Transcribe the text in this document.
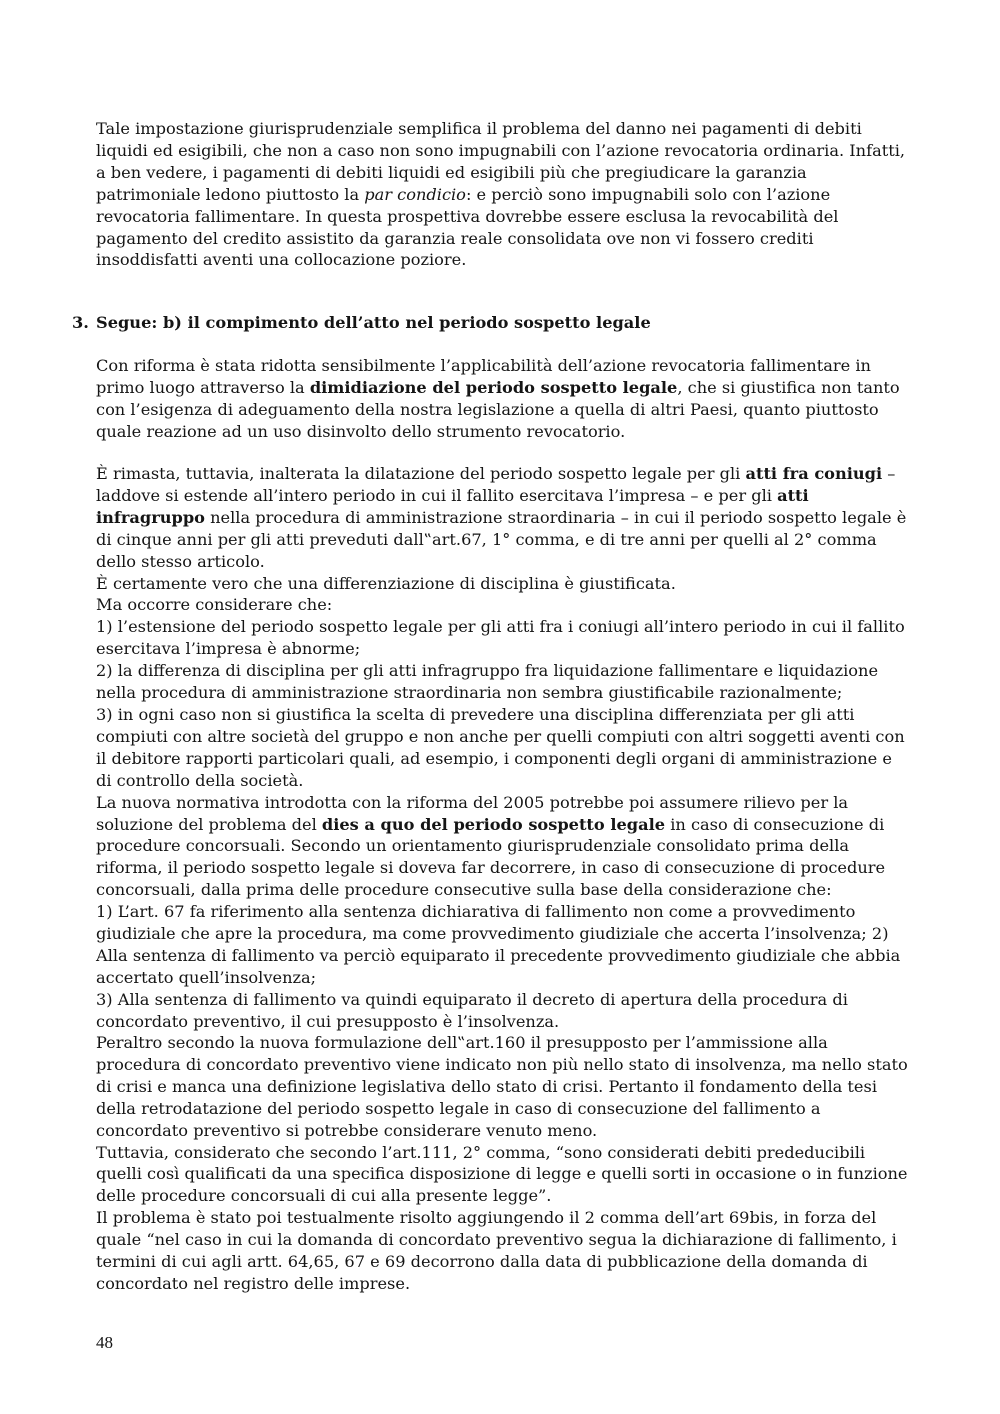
Tale impostazione giurisprudenziale semplifica il problema del danno nei pagamenti di debiti liquidi ed esigibili, che non a caso non sono impugnabili con l’azione revocatoria ordinaria. Infatti, a ben vedere, i pagamenti di debiti liquidi ed esigibili più che pregiudicare la garanzia patrimoniale ledono piuttosto la par condicio: e perciò sono impugnabili solo con l’azione revocatoria fallimentare. In questa prospettiva dovrebbe essere esclusa la revocabilità del pagamento del credito assistito da garanzia reale consolidata ove non vi fossero crediti insoddisfatti aventi una collocazione poziore.

3. Segue: b) il compimento dell’atto nel periodo sospetto legale

Con riforma è stata ridotta sensibilmente l’applicabilità dell’azione revocatoria fallimentare in primo luogo attraverso la dimidiazione del periodo sospetto legale, che si giustifica non tanto con l’esigenza di adeguamento della nostra legislazione a quella di altri Paesi, quanto piuttosto quale reazione ad un uso disinvolto dello strumento revocatorio.

È rimasta, tuttavia, inalterata la dilatazione del periodo sospetto legale per gli atti fra coniugi – laddove si estende all’intero periodo in cui il fallito esercitava l’impresa – e per gli atti infragruppo nella procedura di amministrazione straordinaria – in cui il periodo sospetto legale è di cinque anni per gli atti preveduti dall‟art.67, 1° comma, e di tre anni per quelli al 2° comma dello stesso articolo.

È certamente vero che una differenziazione di disciplina è giustificata.
Ma occorre considerare che:
1) l’estensione del periodo sospetto legale per gli atti fra i coniugi all’intero periodo in cui il fallito esercitava l’impresa è abnorme;
2) la differenza di disciplina per gli atti infragruppo fra liquidazione fallimentare e liquidazione nella procedura di amministrazione straordinaria non sembra giustificabile razionalmente;
3) in ogni caso non si giustifica la scelta di prevedere una disciplina differenziata per gli atti compiuti con altre società del gruppo e non anche per quelli compiuti con altri soggetti aventi con il debitore rapporti particolari quali, ad esempio, i componenti degli organi di amministrazione e di controllo della società.

La nuova normativa introdotta con la riforma del 2005 potrebbe poi assumere rilievo per la soluzione del problema del dies a quo del periodo sospetto legale in caso di consecuzione di procedure concorsuali. Secondo un orientamento giurisprudenziale consolidato prima della riforma, il periodo sospetto legale si doveva far decorrere, in caso di consecuzione di procedure concorsuali, dalla prima delle procedure consecutive sulla base della considerazione che:

1) L’art. 67 fa riferimento alla sentenza dichiarativa di fallimento non come a provvedimento giudiziale che apre la procedura, ma come provvedimento giudiziale che accerta l’insolvenza; 2) Alla sentenza di fallimento va perciò equiparato il precedente provvedimento giudiziale che abbia accertato quell’insolvenza;
3) Alla sentenza di fallimento va quindi equiparato il decreto di apertura della procedura di concordato preventivo, il cui presupposto è l’insolvenza.

Peraltro secondo la nuova formulazione dell‟art.160 il presupposto per l’ammissione alla procedura di concordato preventivo viene indicato non più nello stato di insolvenza, ma nello stato di crisi e manca una definizione legislativa dello stato di crisi. Pertanto il fondamento della tesi della retrodatazione del periodo sospetto legale in caso di consecuzione del fallimento a concordato preventivo si potrebbe considerare venuto meno.

Tuttavia, considerato che secondo l’art.111, 2° comma, “sono considerati debiti prededucibili quelli così qualificati da una specifica disposizione di legge e quelli sorti in occasione o in funzione delle procedure concorsuali di cui alla presente legge”.
Il problema è stato poi testualmente risolto aggiungendo il 2 comma dell’art 69bis, in forza del quale “nel caso in cui la domanda di concordato preventivo segua la dichiarazione di fallimento, i termini di cui agli artt. 64,65, 67 e 69 decorrono dalla data di pubblicazione della domanda di concordato nel registro delle imprese.
48
